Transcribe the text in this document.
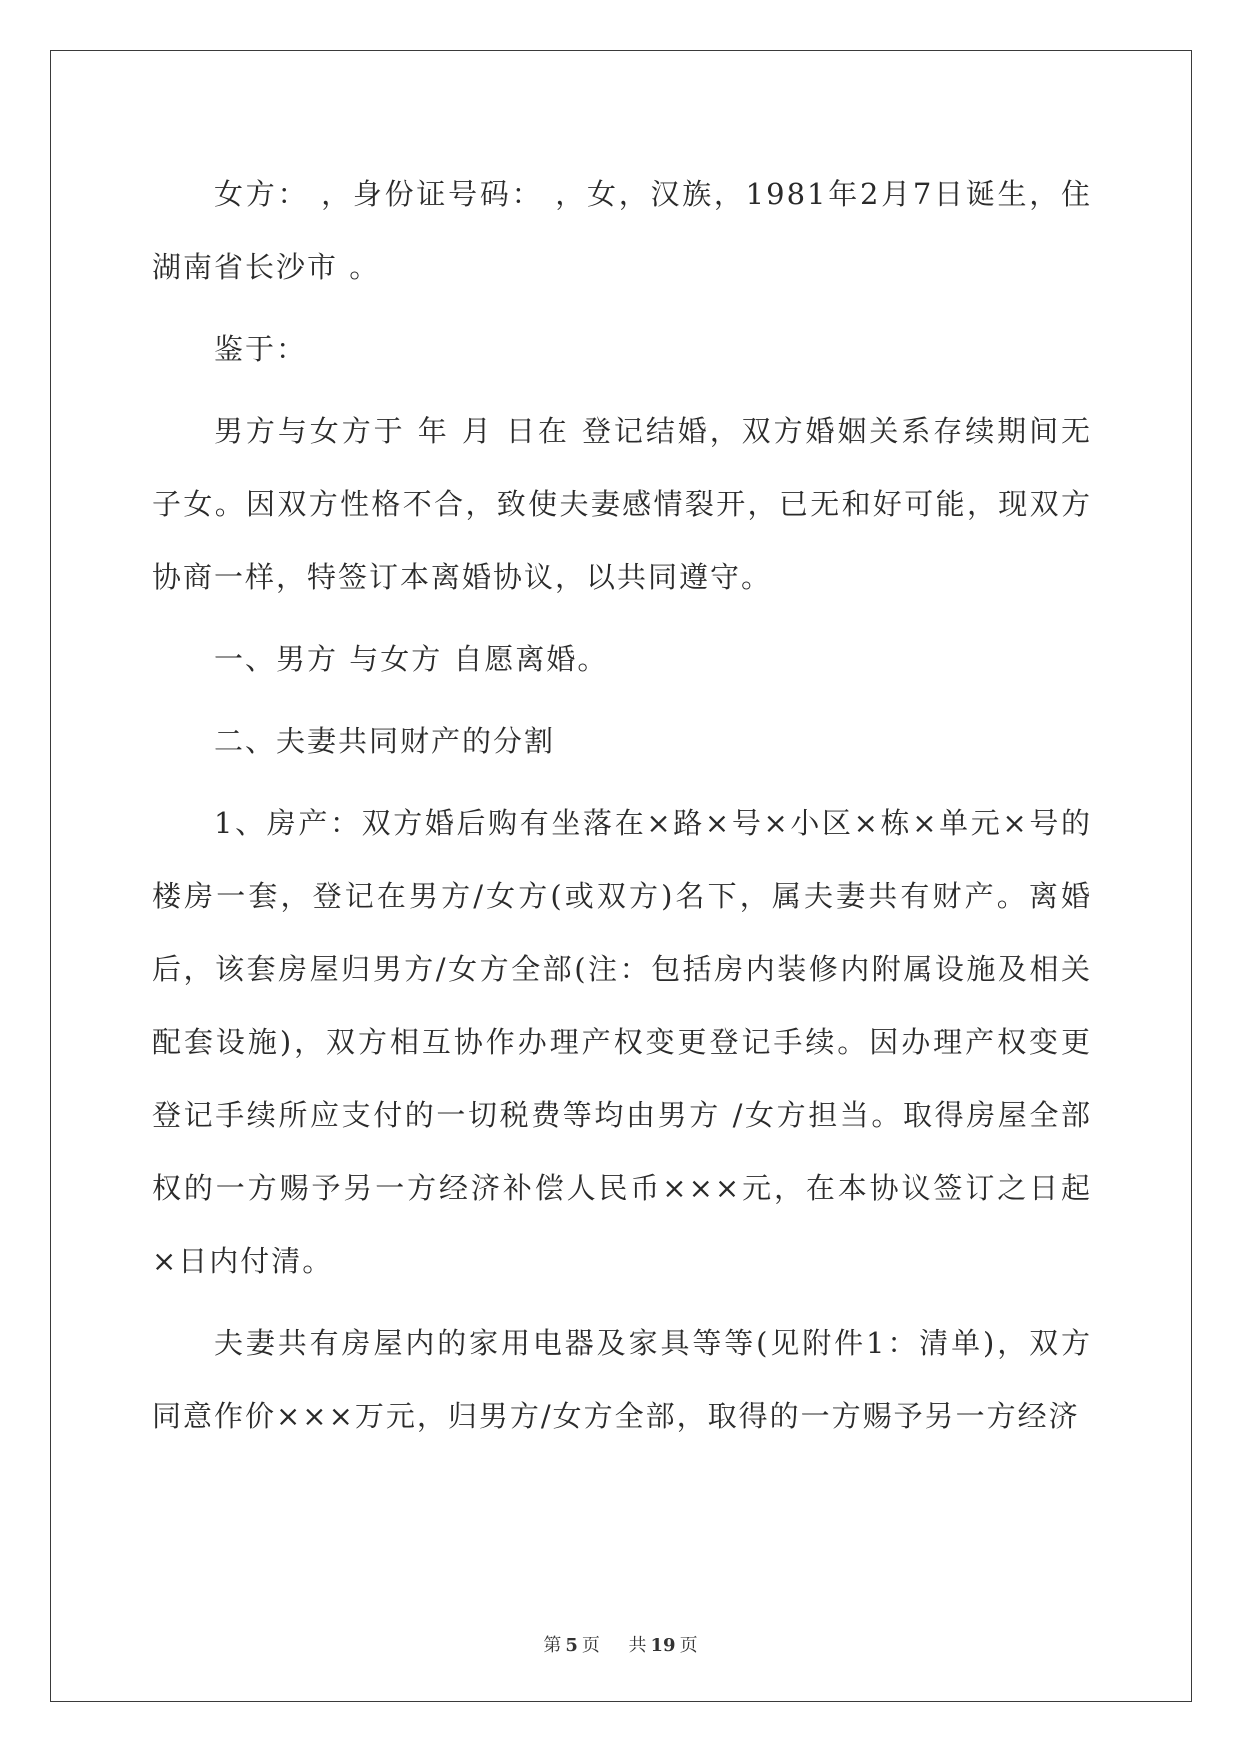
女方： ，身份证号码： ，女，汉族，1981年2月7日诞生，住湖南省长沙市 。

鉴于：

男方与女方于 年 月 日在 登记结婚，双方婚姻关系存续期间无子女。因双方性格不合，致使夫妻感情裂开，已无和好可能，现双方协商一样，特签订本离婚协议，以共同遵守。

一、男方 与女方 自愿离婚。

二、夫妻共同财产的分割

1、房产：双方婚后购有坐落在×路×号×小区×栋×单元×号的楼房一套，登记在男方/女方(或双方)名下，属夫妻共有财产。离婚后，该套房屋归男方/女方全部(注：包括房内装修内附属设施及相关配套设施)，双方相互协作办理产权变更登记手续。因办理产权变更登记手续所应支付的一切税费等均由男方 /女方担当。取得房屋全部权的一方赐予另一方经济补偿人民币×××元，在本协议签订之日起×日内付清。

夫妻共有房屋内的家用电器及家具等等(见附件1：清单)，双方同意作价×××万元，归男方/女方全部，取得的一方赐予另一方经济

第 5 页 共 19 页
